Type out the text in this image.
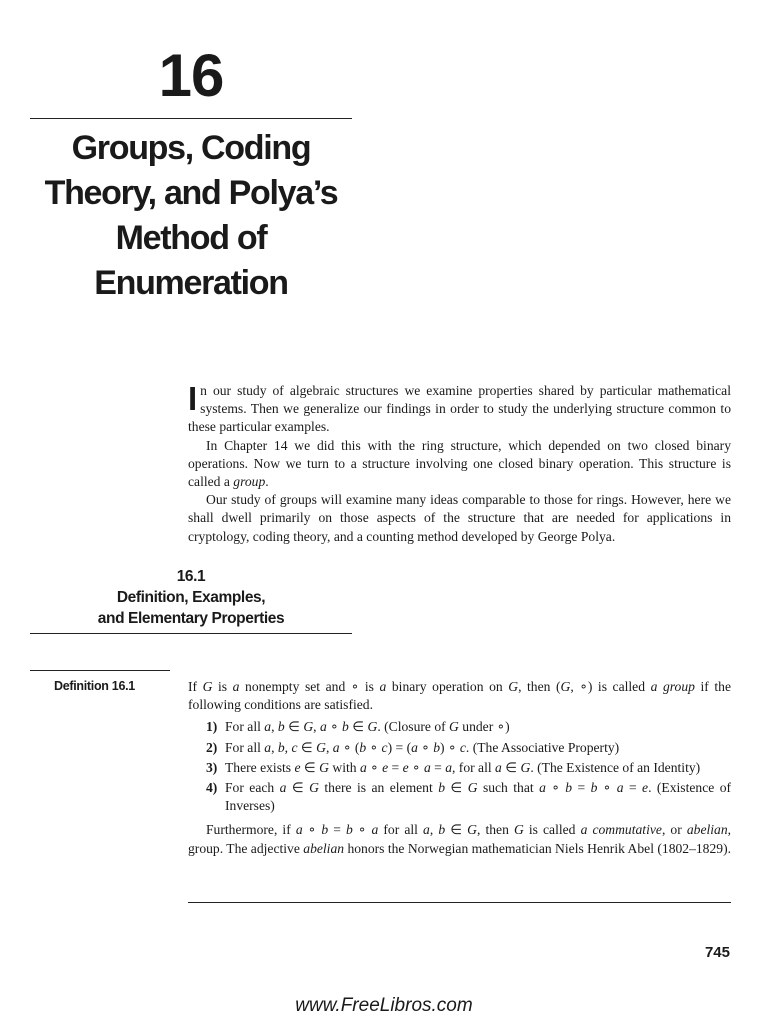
16
Groups, Coding
Theory, and Polya’s
Method of
Enumeration

In our study of algebraic structures we examine properties shared by particular mathematical systems. Then we generalize our findings in order to study the underlying structure common to these particular examples.

In Chapter 14 we did this with the ring structure, which depended on two closed binary operations. Now we turn to a structure involving one closed binary operation. This structure is called a group.

Our study of groups will examine many ideas comparable to those for rings. However, here we shall dwell primarily on those aspects of the structure that are needed for applications in cryptology, coding theory, and a counting method developed by George Polya.

16.1
Definition, Examples,
and Elementary Properties
Definition 16.1	If G is a nonempty set and ∘ is a binary operation on G, then (G, ∘) is called a group if the following conditions are satisfied.

1) For all a, b ∈ G, a ∘ b ∈ G. (Closure of G under ∘)
2) For all a, b, c ∈ G, a ∘ (b ∘ c) = (a ∘ b) ∘ c. (The Associative Property)
3) There exists e ∈ G with a ∘ e = e ∘ a = a, for all a ∈ G. (The Existence of an Identity)
4) For each a ∈ G there is an element b ∈ G such that a ∘ b = b ∘ a = e. (Existence of Inverses)

Furthermore, if a ∘ b = b ∘ a for all a, b ∈ G, then G is called a commutative, or abelian, group. The adjective abelian honors the Norwegian mathematician Niels Henrik Abel (1802–1829).

745
www.FreeLibros.com
